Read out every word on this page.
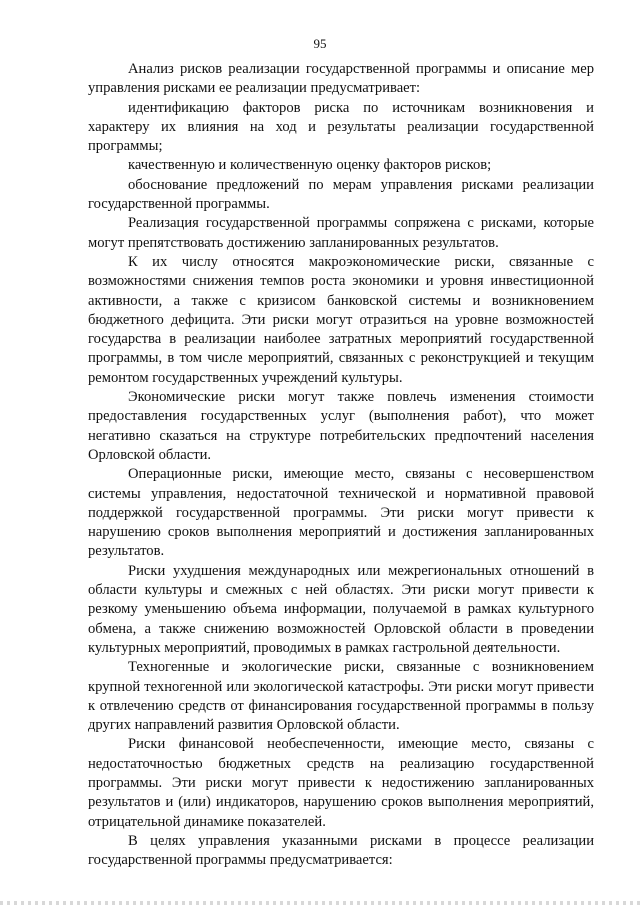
95

Анализ рисков реализации государственной программы и описание мер управления рисками ее реализации предусматривает:

идентификацию факторов риска по источникам возникновения и характеру их влияния на ход и результаты реализации государственной программы;

качественную и количественную оценку факторов рисков;

обоснование предложений по мерам управления рисками реализации государственной программы.

Реализация государственной программы сопряжена с рисками, которые могут препятствовать достижению запланированных результатов.

К их числу относятся макроэкономические риски, связанные с возможностями снижения темпов роста экономики и уровня инвестиционной активности, а также с кризисом банковской системы и возникновением бюджетного дефицита. Эти риски могут отразиться на уровне возможностей государства в реализации наиболее затратных мероприятий государственной программы, в том числе мероприятий, связанных с реконструкцией и текущим ремонтом государственных учреждений культуры.

Экономические риски могут также повлечь изменения стоимости предоставления государственных услуг (выполнения работ), что может негативно сказаться на структуре потребительских предпочтений населения Орловской области.

Операционные риски, имеющие место, связаны с несовершенством системы управления, недостаточной технической и нормативной правовой поддержкой государственной программы. Эти риски могут привести к нарушению сроков выполнения мероприятий и достижения запланированных результатов.

Риски ухудшения международных или межрегиональных отношений в области культуры и смежных с ней областях. Эти риски могут привести к резкому уменьшению объема информации, получаемой в рамках культурного обмена, а также снижению возможностей Орловской области в проведении культурных мероприятий, проводимых в рамках гастрольной деятельности.

Техногенные и экологические риски, связанные с возникновением крупной техногенной или экологической катастрофы. Эти риски могут привести к отвлечению средств от финансирования государственной программы в пользу других направлений развития Орловской области.

Риски финансовой необеспеченности, имеющие место, связаны с недостаточностью бюджетных средств на реализацию государственной программы. Эти риски могут привести к недостижению запланированных результатов и (или) индикаторов, нарушению сроков выполнения мероприятий, отрицательной динамике показателей.

В целях управления указанными рисками в процессе реализации государственной программы предусматривается:
